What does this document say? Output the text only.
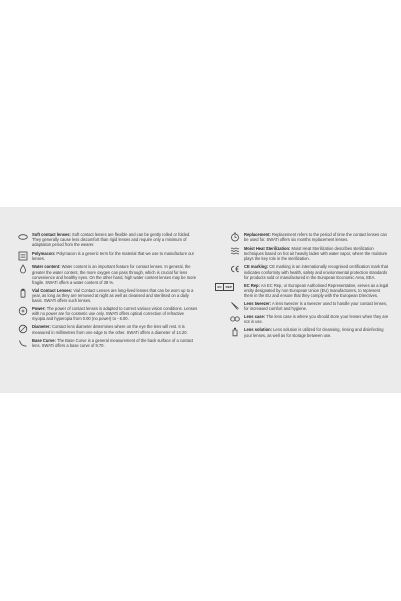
Soft contact lenses: Soft contact lenses are flexible and can be gently rolled or folded. They generally cause less discomfort than rigid lenses and require only a minimum of adaptation period from the wearer.
Polymacon: Polymacon is a generic term for the material that we use to manufacture our lenses.
Water content: Water content is an important feature for contact lenses. In general, the greater the water content, the more oxygen can pass through, which is crucial for lens convenience and healthy eyes. On the other hand, high water content lenses may be more fragile. SWATi offers a water content of 38 %.
Vial Contact Lenses: Vial Contact Lenses are long-lived lenses that can be worn up to a year, as long as they are removed at night as well as cleansed and sterilised on a daily basis. SWATi offers such lenses.
Power: The power of contact lenses is adapted to correct various vision conditions. Lenses with no power are for cosmetic use only. SWATi offers optical correction of refractive myopia and hyperopia from 0.00 (no power) to - 6.00.
Diameter: Contact lens diameter determines where on the eye the lens will rest. It is measured in millimetres from one edge to the other. SWATi offers a diameter of 14.20.
Base Curve: The Base Curve is a general measurement of the back surface of a contact lens. SWATi offers a base curve of 8.70.
Replacement: Replacement refers to the period of time the contact lenses can be used for. SWATi offers six months replacement lenses.
Moist Heat Sterilization: Moist Heat Sterilization describes sterilization techniques based on hot air heavily laden with water vapor, where the moisture plays the key role in the sterilization.
CE marking: CE marking is an internationally recognised certification mark that indicates conformity with health, safety and environmental protection standards for products sold or manufactured in the European Economic Area, EEA.
EC	REP	EC Rep: An EC Rep, or European Authorised Representative, serves as a legal entity designated by non European Union (EU) manufacturers, to represent them in the EU and ensure that they comply with the European Directives.
Lens tweezer: A lens tweezer is a tweezer used to handle your contact lenses, for increased comfort and hygiene.
Lens case: The lens case is where you should store your lenses when they are not in use.
Lens solution: Lens solution is utilized for cleansing, rinsing and disinfecting your lenses, as well as for storage between use.
